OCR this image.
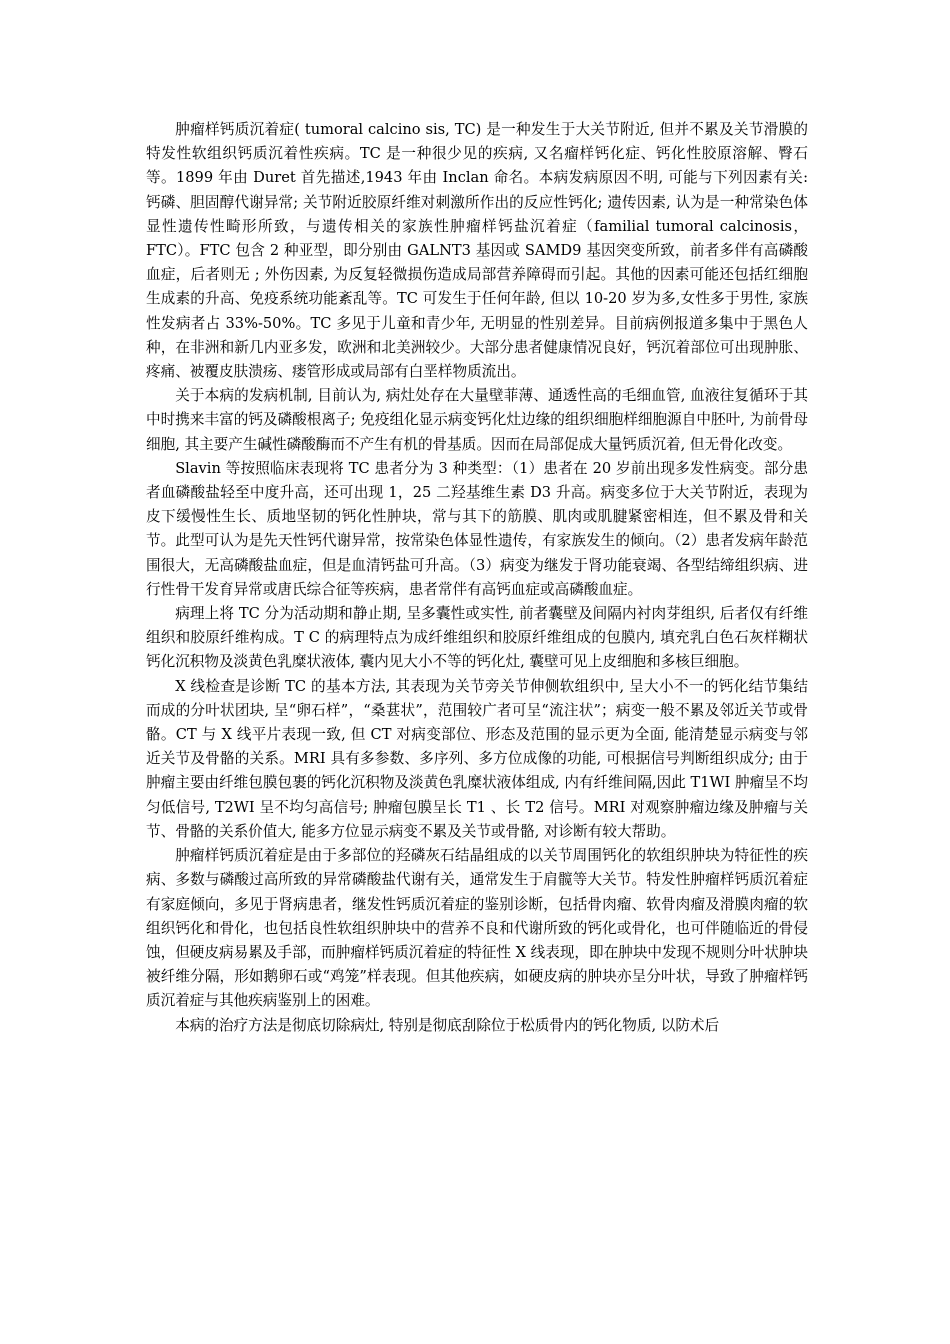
肿瘤样钙质沉着症( tumoral calcino sis, TC) 是一种发生于大关节附近, 但并不累及关节滑膜的特发性软组织钙质沉着性疾病。TC 是一种很少见的疾病, 又名瘤样钙化症、钙化性胶原溶解、臀石等。1899 年由 Duret 首先描述,1943 年由 Inclan 命名。本病发病原因不明, 可能与下列因素有关: 钙磷、胆固醇代谢异常; 关节附近胶原纤维对刺激所作出的反应性钙化; 遗传因素, 认为是一种常染色体显性遗传性畸形所致，与遗传相关的家族性肿瘤样钙盐沉着症（familial tumoral calcinosis，FTC）。FTC 包含 2 种亚型，即分别由 GALNT3 基因或 SAMD9 基因突变所致，前者多伴有高磷酸血症，后者则无 ; 外伤因素, 为反复轻微损伤造成局部营养障碍而引起。其他的因素可能还包括红细胞生成素的升高、免疫系统功能紊乱等。TC 可发生于任何年龄, 但以 10-20 岁为多,女性多于男性, 家族性发病者占 33%-50%。TC 多见于儿童和青少年, 无明显的性别差异。目前病例报道多集中于黑色人种，在非洲和新几内亚多发，欧洲和北美洲较少。大部分患者健康情况良好，钙沉着部位可出现肿胀、疼痛、被覆皮肤溃疡、瘘管形成或局部有白垩样物质流出。

关于本病的发病机制, 目前认为, 病灶处存在大量壁菲薄、通透性高的毛细血管, 血液往复循环于其中时携来丰富的钙及磷酸根离子; 免疫组化显示病变钙化灶边缘的组织细胞样细胞源自中胚叶, 为前骨母细胞, 其主要产生碱性磷酸酶而不产生有机的骨基质。因而在局部促成大量钙质沉着, 但无骨化改变。

Slavin 等按照临床表现将 TC 患者分为 3 种类型：（1）患者在 20 岁前出现多发性病变。部分患者血磷酸盐轻至中度升高，还可出现 1，25 二羟基维生素 D3 升高。病变多位于大关节附近，表现为皮下缓慢性生长、质地坚韧的钙化性肿块，常与其下的筋膜、肌肉或肌腱紧密相连，但不累及骨和关节。此型可认为是先天性钙代谢异常，按常染色体显性遗传，有家族发生的倾向。（2）患者发病年龄范围很大，无高磷酸盐血症，但是血清钙盐可升高。（3）病变为继发于肾功能衰竭、各型结缔组织病、进行性骨干发育异常或唐氏综合征等疾病，患者常伴有高钙血症或高磷酸血症。

病理上将 TC 分为活动期和静止期, 呈多囊性或实性, 前者囊壁及间隔内衬肉芽组织, 后者仅有纤维组织和胶原纤维构成。T C 的病理特点为成纤维组织和胶原纤维组成的包膜内, 填充乳白色石灰样糊状钙化沉积物及淡黄色乳糜状液体, 囊内见大小不等的钙化灶, 囊壁可见上皮细胞和多核巨细胞。

X 线检查是诊断 TC 的基本方法, 其表现为关节旁关节伸侧软组织中, 呈大小不一的钙化结节集结而成的分叶状团块, 呈“卵石样”，“桑葚状”，范围较广者可呈“流注状”；病变一般不累及邻近关节或骨骼。CT 与 X 线平片表现一致, 但 CT 对病变部位、形态及范围的显示更为全面, 能清楚显示病变与邻近关节及骨骼的关系。MRI 具有多参数、多序列、多方位成像的功能, 可根据信号判断组织成分; 由于肿瘤主要由纤维包膜包裹的钙化沉积物及淡黄色乳糜状液体组成, 内有纤维间隔,因此 T1WI 肿瘤呈不均匀低信号, T2WI 呈不均匀高信号; 肿瘤包膜呈长 T1 、长 T2 信号。MRI 对观察肿瘤边缘及肿瘤与关节、骨骼的关系价值大, 能多方位显示病变不累及关节或骨骼, 对诊断有较大帮助。

肿瘤样钙质沉着症是由于多部位的羟磷灰石结晶组成的以关节周围钙化的软组织肿块为特征性的疾病、多数与磷酸过高所致的异常磷酸盐代谢有关，通常发生于肩髋等大关节。特发性肿瘤样钙质沉着症有家庭倾向，多见于肾病患者，继发性钙质沉着症的鉴别诊断，包括骨肉瘤、软骨肉瘤及滑膜肉瘤的软组织钙化和骨化，也包括良性软组织肿块中的营养不良和代谢所致的钙化或骨化，也可伴随临近的骨侵蚀，但硬皮病易累及手部，而肿瘤样钙质沉着症的特征性 X 线表现，即在肿块中发现不规则分叶状肿块被纤维分隔，形如鹅卵石或“鸡笼”样表现。但其他疾病，如硬皮病的肿块亦呈分叶状，导致了肿瘤样钙质沉着症与其他疾病鉴别上的困难。

本病的治疗方法是彻底切除病灶, 特别是彻底刮除位于松质骨内的钙化物质, 以防术后
